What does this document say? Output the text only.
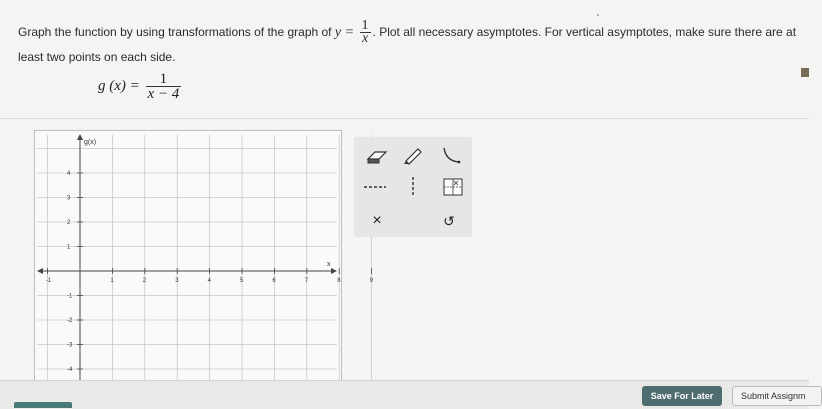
Graph the function by using transformations of the graph of $y = \frac{1}{x}$ . Plot all necessary asymptotes. For vertical asymptotes, make sure there are at least two points on each side.
g $(x) = \frac{1}{x - 4}$
g(x)
x
-1	1	2	3	4	5	6	7	8	9
4
3
2
1
-1
-2
-3
-4
×	↺
Save For Later	Submit Assignm
